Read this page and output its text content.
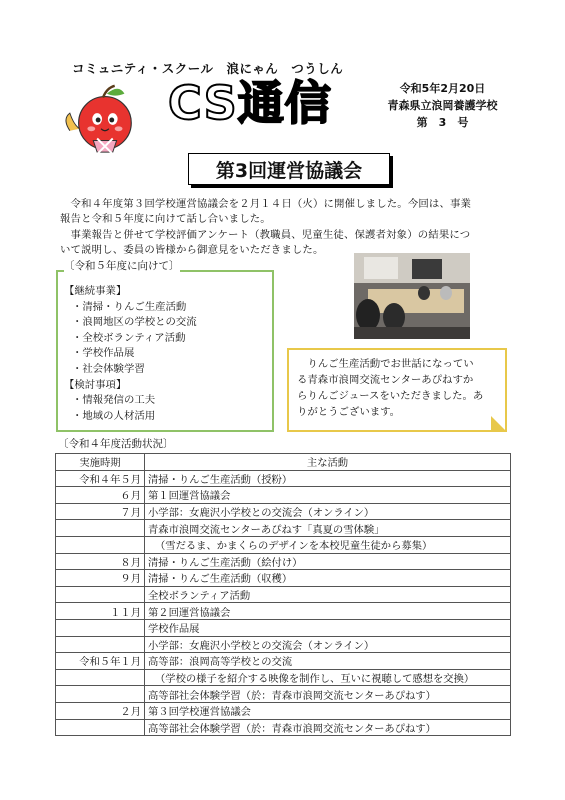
コミュニティ・スクール　浪にゃん　つうしん
CS通信	令和5年2月20日
青森県立浪岡養護学校
第　3　号
第3回運営協議会
　令和４年度第３回学校運営協議会を２月１４日（火）に開催しました。今回は、事業
報告と令和５年度に向けて話し合いました。
　事業報告と併せて学校評価アンケート（教職員、児童生徒、保護者対象）の結果につ
いて説明し、委員の皆様から御意見をいただきました。
〔令和５年度に向けて〕
【継続事業】
・清掃・りんご生産活動
・浪岡地区の学校との交流
・全校ボランティア活動
・学校作品展
・社会体験学習
【検討事項】
・情報発信の工夫
・地域の人材活用
　りんご生産活動でお世話になってい
る青森市浪岡交流センターあぴねすか
らりんごジュースをいただきました。あ
りがとうございます。
〔令和４年度活動状況〕
実施時期	主な活動
令和４年５月	清掃・りんご生産活動（授粉）
６月	第１回運営協議会
７月	小学部：女鹿沢小学校との交流会（オンライン）
	青森市浪岡交流センターあぴねす「真夏の雪体験」
	（雪だるま、かまくらのデザインを本校児童生徒から募集）
８月	清掃・りんご生産活動（絵付け）
９月	清掃・りんご生産活動（収穫）
	全校ボランティア活動
１１月	第２回運営協議会
	学校作品展
	小学部：女鹿沢小学校との交流会（オンライン）
令和５年１月	高等部：浪岡高等学校との交流
	（学校の様子を紹介する映像を制作し、互いに視聴して感想を交換）
	高等部社会体験学習（於：青森市浪岡交流センターあぴねす）
２月	第３回学校運営協議会
	高等部社会体験学習（於：青森市浪岡交流センターあぴねす）
